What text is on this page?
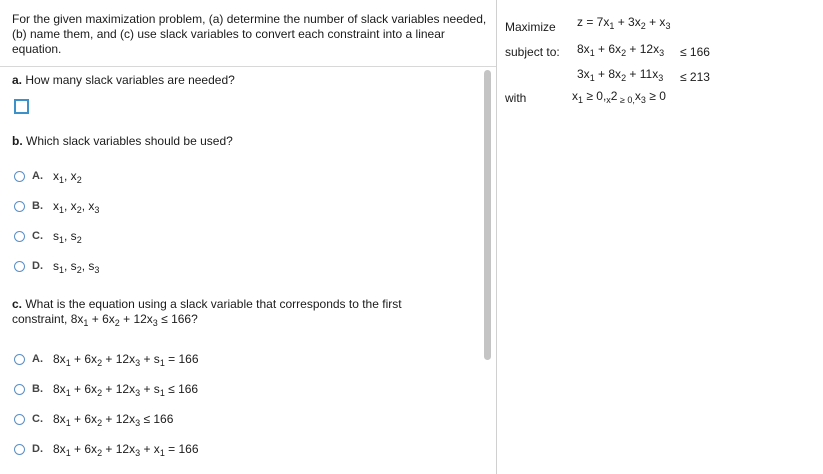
For the given maximization problem, (a) determine the number of slack variables needed, (b) name them, and (c) use slack variables to convert each constraint into a linear equation.
Maximize $z = 7x_1 + 3x_2 + x_3$
subject to: $8x_1 + 6x_2 + 12x_3 \le 166$
$3x_1 + 8x_2 + 11x_3 \le 213$
with	$x_1 \ge 0,_x2$ $_{\ge 0,}x_3 \ge 0$
a. How many slack variables are needed?
b. Which slack variables should be used?
A. $x_1$, $x_2$
B. $x_1$, $x_2$, $x_3$
C. $s_1$, $s_2$
D. $s_1$, $s_2$, $s_3$
c. What is the equation using a slack variable that corresponds to the first
constraint, $8x_1 + 6x_2 + 12x_3 \le 166$?
A. $8x_1 + 6x_2 + 12x_3 + s_1 = 166$
B. $8x_1 + 6x_2 + 12x_3 + s_1 \le 166$
C. $8x_1 + 6x_2 + 12x_3 \le 166$
D. $8x_1 + 6x_2 + 12x_3 + x_1 = 166$
